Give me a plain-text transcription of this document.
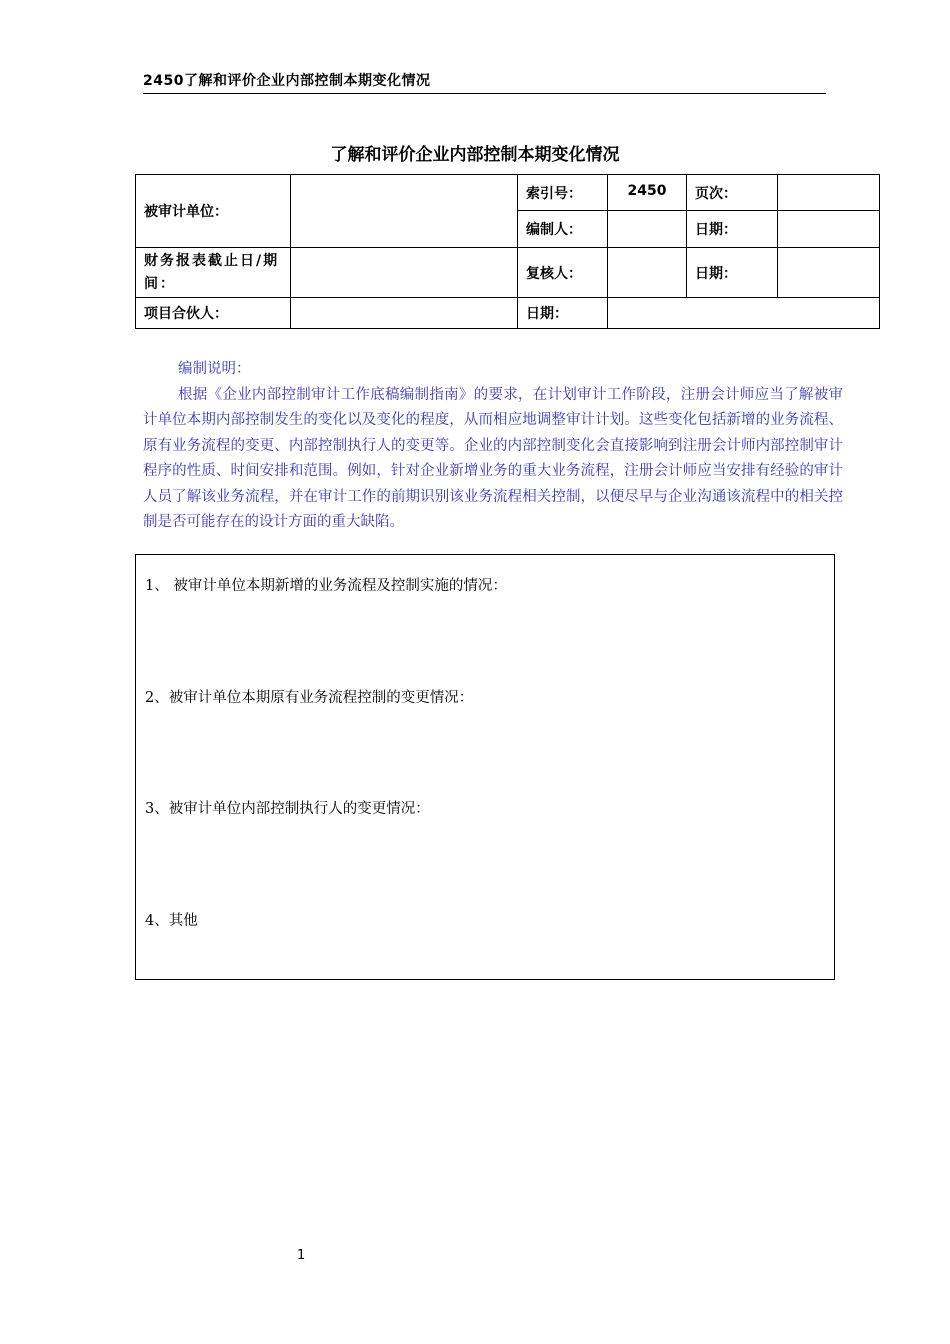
2450了解和评价企业内部控制本期变化情况
了解和评价企业内部控制本期变化情况
被审计单位：		索引号：	2450	页次：	
		编制人：		日期：	
财务报表截止日/期间：		复核人：		日期：	
项目合伙人：		日期：			

编制说明：

根据《企业内部控制审计工作底稿编制指南》的要求，在计划审计工作阶段，注册会计师应当了解被审计单位本期内部控制发生的变化以及变化的程度，从而相应地调整审计计划。这些变化包括新增的业务流程、原有业务流程的变更、内部控制执行人的变更等。企业的内部控制变化会直接影响到注册会计师内部控制审计程序的性质、时间安排和范围。例如，针对企业新增业务的重大业务流程，注册会计师应当安排有经验的审计人员了解该业务流程，并在审计工作的前期识别该业务流程相关控制，以便尽早与企业沟通该流程中的相关控制是否可能存在的设计方面的重大缺陷。

1、 被审计单位本期新增的业务流程及控制实施的情况：
2、被审计单位本期原有业务流程控制的变更情况：
3、被审计单位内部控制执行人的变更情况：
4、其他
1
